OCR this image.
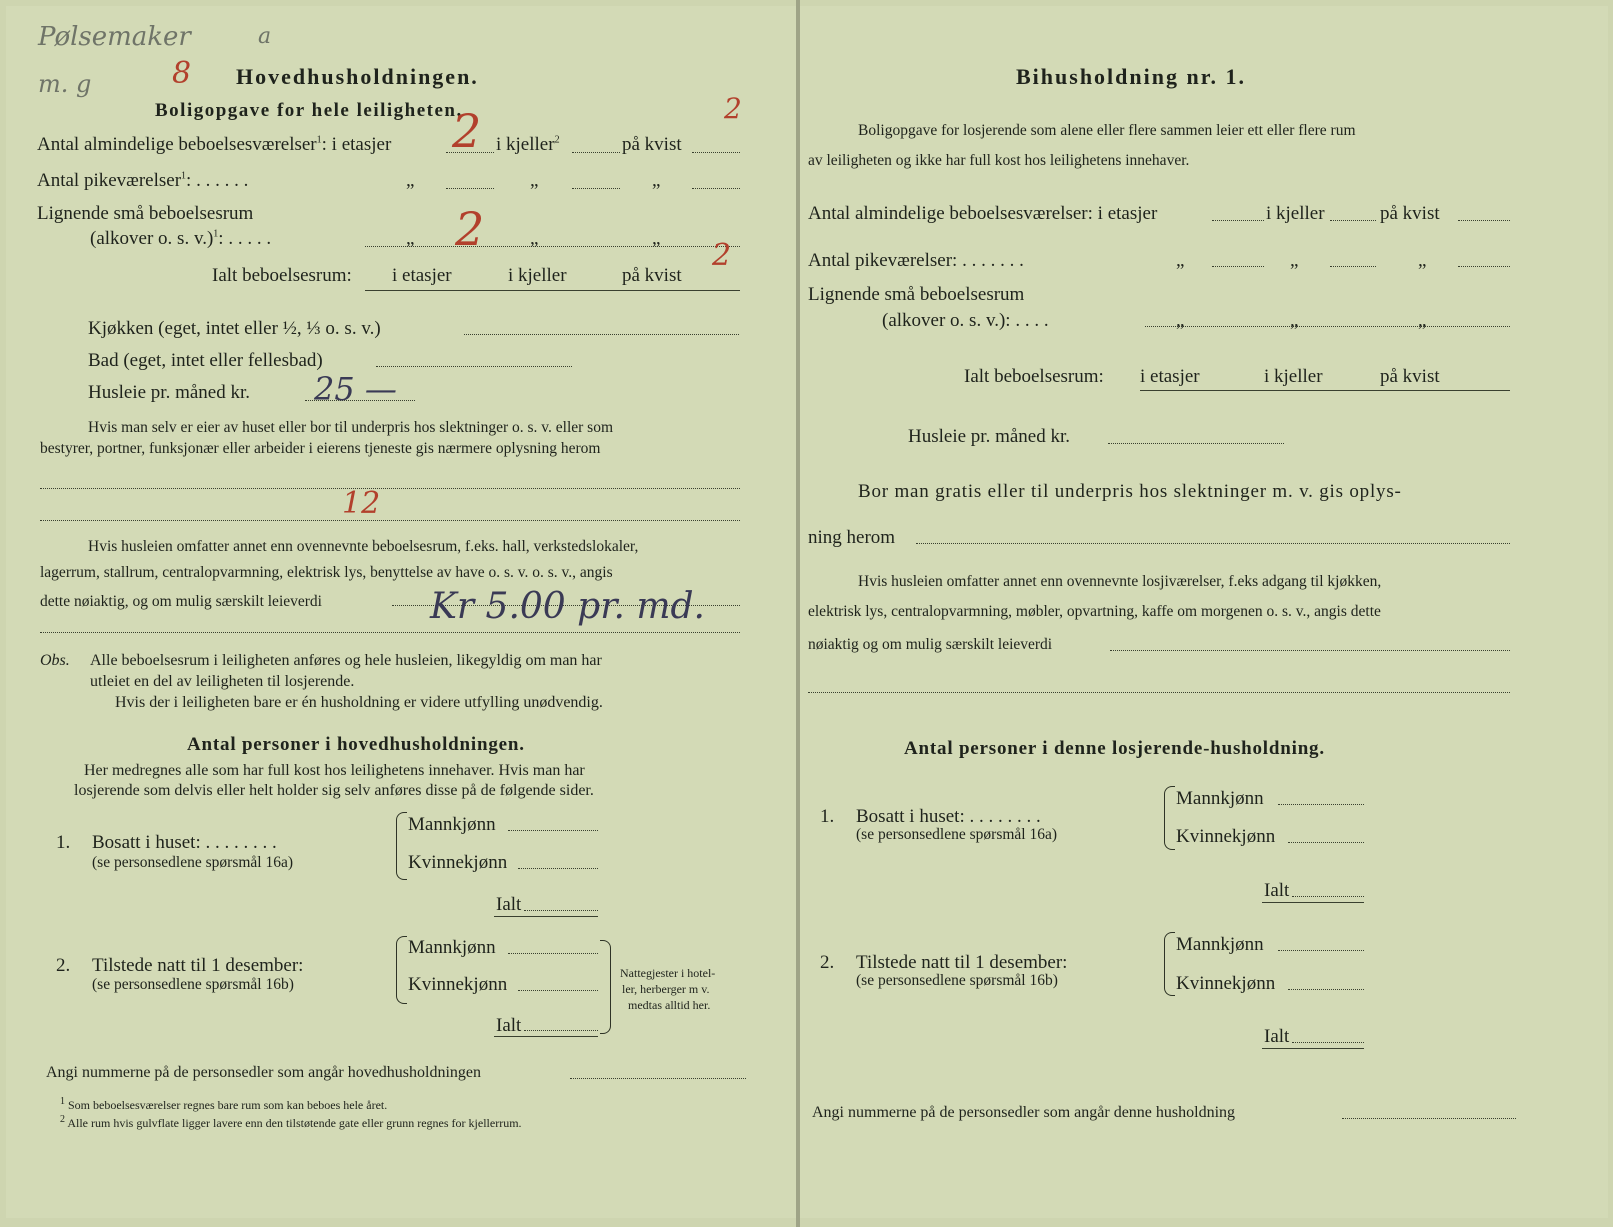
Pølsemaker	a
m. g	8 Hovedhusholdningen.
Boligopgave for hele leiligheten.	2
Antal almindelige beboelsesværelser$^1$: i etasjer 2 i kjeller$^2$	på kvist
Antal pikeværelser$^1$: . . . . . .	„	„	„
Lignende små beboelsesrum
(alkover o. s. v.)$^1$: . . . . .	„	„	„
2
Ialt beboelsesrum: i etasjer	i kjeller	på kvist
2
Kjøkken (eget, intet eller ½, ⅓ o. s. v.)
Bad (eget, intet eller fellesbad)
Husleie pr. måned kr. 25 —
Hvis man selv er eier av huset eller bor til underpris hos slektninger o. s. v. eller som
bestyrer, portner, funksjonær eller arbeider i eierens tjeneste gis nærmere oplysning herom
12
Hvis husleien omfatter annet enn ovennevnte beboelsesrum, f.eks. hall, verkstedslokaler,
lagerrum, stallrum, centralopvarmning, elektrisk lys, benyttelse av have o. s. v. o. s. v., angis
dette nøiaktig, og om mulig særskilt leieverdi	Kr 5.00 pr. md.
Obs. Alle beboelsesrum i leiligheten anføres og hele husleien, likegyldig om man har
utleiet en del av leiligheten til losjerende.
Hvis der i leiligheten bare er én husholdning er videre utfylling unødvendig.
Antal personer i hovedhusholdningen.
Her medregnes alle som har full kost hos leilighetens innehaver. Hvis man har
losjerende som delvis eller helt holder sig selv anføres disse på de følgende sider.
1. Bosatt i huset: . . . . . . . .
(se personsedlene spørsmål 16a)
Mannkjønn
Kvinnekjønn
Ialt
2. Tilstede natt til 1 desember:
(se personsedlene spørsmål 16b)
Mannkjønn
Kvinnekjønn
Ialt
Nattegjester i hotel-
ler, herberger m v.
medtas alltid her.
Angi nummerne på de personsedler som angår hovedhusholdningen
$^1$ Som beboelsesværelser regnes bare rum som kan beboes hele året.
$^2$ Alle rum hvis gulvflate ligger lavere enn den tilstøtende gate eller grunn regnes for kjellerrum.
Bihusholdning nr. 1.
Boligopgave for losjerende som alene eller flere sammen leier ett eller flere rum
av leiligheten og ikke har full kost hos leilighetens innehaver.
Antal almindelige beboelsesværelser: i etasjer	i kjeller	på kvist
Antal pikeværelser: . . . . . . .	„	„	„
Lignende små beboelsesrum
(alkover o. s. v.): . . . .	„	„	„
Ialt beboelsesrum: i etasjer	i kjeller	på kvist
Husleie pr. måned kr.
Bor man gratis eller til underpris hos slektninger m. v. gis oplys-
ning herom
Hvis husleien omfatter annet enn ovennevnte losjiværelser, f.eks adgang til kjøkken,
elektrisk lys, centralopvarmning, møbler, opvartning, kaffe om morgenen o. s. v., angis dette
nøiaktig og om mulig særskilt leieverdi
Antal personer i denne losjerende-husholdning.
1. Bosatt i huset: . . . . . . . .
(se personsedlene spørsmål 16a)
Mannkjønn
Kvinnekjønn
Ialt
2. Tilstede natt til 1 desember:
(se personsedlene spørsmål 16b)
Mannkjønn
Kvinnekjønn
Ialt
Angi nummerne på de personsedler som angår denne husholdning
